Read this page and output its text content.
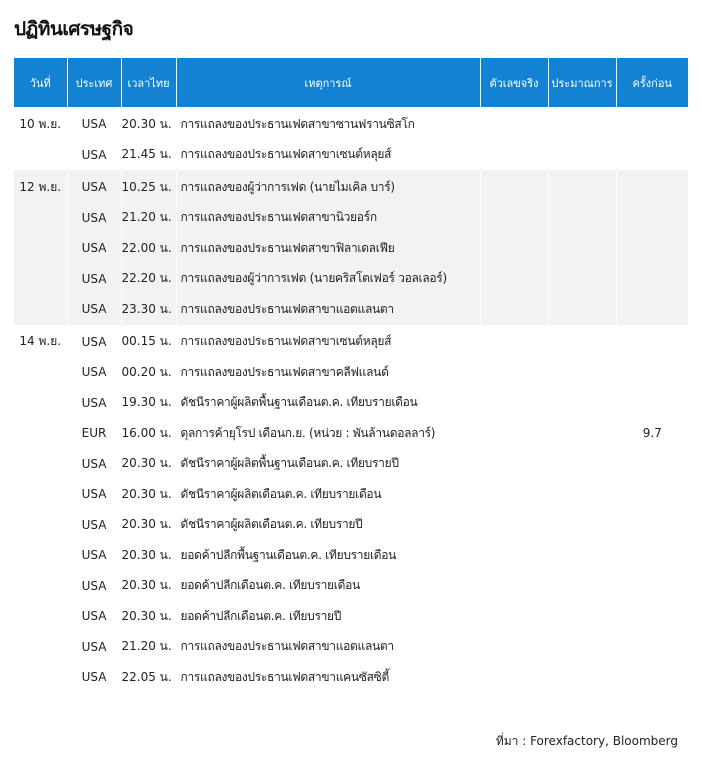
ปฏิทินเศรษฐกิจ
วันที่	ประเทศ	เวลาไทย	เหตุการณ์	ตัวเลขจริง	ประมาณการ	ครั้งก่อน
10 พ.ย.	USA	20.30 น.	การแถลงของประธานเฟดสาขาซานฟรานซิสโก			
	USA	21.45 น.	การแถลงของประธานเฟดสาขาเซนต์หลุยส์			
12 พ.ย.	USA	10.25 น.	การแถลงของผู้ว่าการเฟด (นายไมเคิล บาร์)			
	USA	21.20 น.	การแถลงของประธานเฟดสาขานิวยอร์ก			
	USA	22.00 น.	การแถลงของประธานเฟดสาขาฟิลาเดลเฟีย			
	USA	22.20 น.	การแถลงของผู้ว่าการเฟด (นายคริสโตเฟอร์ วอลเลอร์)			
	USA	23.30 น.	การแถลงของประธานเฟดสาขาแอตแลนตา			
14 พ.ย.	USA	00.15 น.	การแถลงของประธานเฟดสาขาเซนต์หลุยส์			
	USA	00.20 น.	การแถลงของประธานเฟดสาขาคลีฟแลนด์			
	USA	19.30 น.	ดัชนีราคาผู้ผลิตพื้นฐานเดือนต.ค. เทียบรายเดือน			
	EUR	16.00 น.	ดุลการค้ายุโรป เดือนก.ย. (หน่วย : พันล้านดอลลาร์)			9.7
	USA	20.30 น.	ดัชนีราคาผู้ผลิตพื้นฐานเดือนต.ค. เทียบรายปี			
	USA	20.30 น.	ดัชนีราคาผู้ผลิตเดือนต.ค. เทียบรายเดือน			
	USA	20.30 น.	ดัชนีราคาผู้ผลิตเดือนต.ค. เทียบรายปี			
	USA	20.30 น.	ยอดค้าปลีกพื้นฐานเดือนต.ค. เทียบรายเดือน			
	USA	20.30 น.	ยอดค้าปลีกเดือนต.ค. เทียบรายเดือน			
	USA	20.30 น.	ยอดค้าปลีกเดือนต.ค. เทียบรายปี			
	USA	21.20 น.	การแถลงของประธานเฟดสาขาแอตแลนตา			
	USA	22.05 น.	การแถลงของประธานเฟดสาขาแคนซัสซิตี้			
ที่มา : Forexfactory, Bloomberg
